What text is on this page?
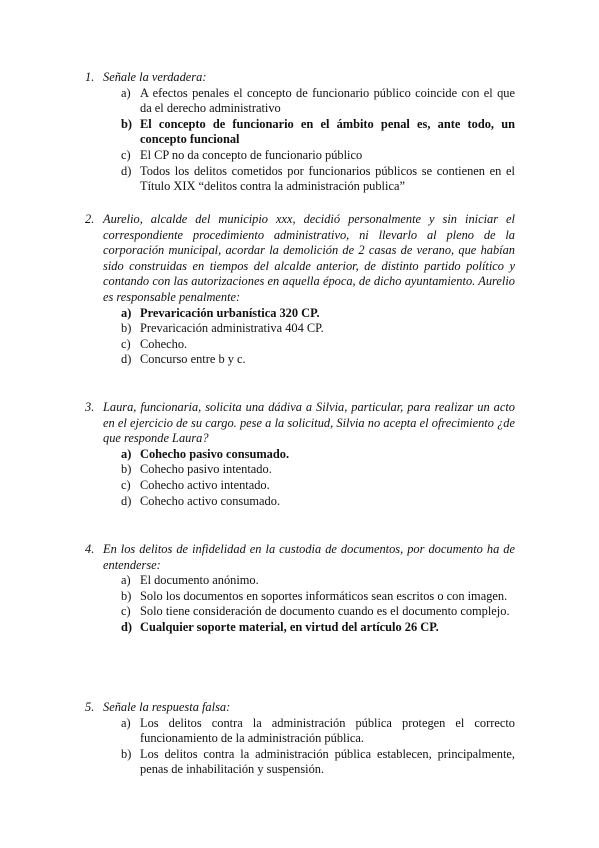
1. Señale la verdadera:
a) A efectos penales el concepto de funcionario público coincide con el que da el derecho administrativo
b) El concepto de funcionario en el ámbito penal es, ante todo, un concepto funcional
c) El CP no da concepto de funcionario público
d) Todos los delitos cometidos por funcionarios públicos se contienen en el Título XIX “delitos contra la administración publica”
2. Aurelio, alcalde del municipio xxx, decidió personalmente y sin iniciar el correspondiente procedimiento administrativo, ni llevarlo al pleno de la corporación municipal, acordar la demolición de 2 casas de verano, que habían sido construidas en tiempos del alcalde anterior, de distinto partido político y contando con las autorizaciones en aquella época, de dicho ayuntamiento. Aurelio es responsable penalmente:
a) Prevaricación urbanística 320 CP.
b) Prevaricación administrativa 404 CP.
c) Cohecho.
d) Concurso entre b y c.
3. Laura, funcionaria, solicita una dádiva a Silvia, particular, para realizar un acto en el ejercicio de su cargo. pese a la solicitud, Silvia no acepta el ofrecimiento ¿de que responde Laura?
a) Cohecho pasivo consumado.
b) Cohecho pasivo intentado.
c) Cohecho activo intentado.
d) Cohecho activo consumado.
4. En los delitos de infidelidad en la custodia de documentos, por documento ha de entenderse:
a) El documento anónimo.
b) Solo los documentos en soportes informáticos sean escritos o con imagen.
c) Solo tiene consideración de documento cuando es el documento complejo.
d) Cualquier soporte material, en virtud del artículo 26 CP.
5. Señale la respuesta falsa:
a) Los delitos contra la administración pública protegen el correcto funcionamiento de la administración pública.
b) Los delitos contra la administración pública establecen, principalmente, penas de inhabilitación y suspensión.
